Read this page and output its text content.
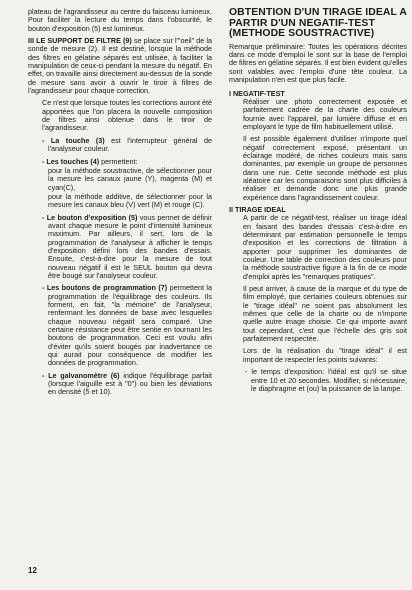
plateau de l'agrandisseur au centre du faisceau lumineux. Pour faciliter la lecture du temps dans l'obscurité, le bouton d'exposition (5) est lumineux.

III LE SUPPORT DE FILTRE (9) se place sur l'"oeil" de la sonde de mesure (2). Il est destiné, lorsque la méthode des filtres en gélatine séparés est utilisée, à faciliter la manipulation de ceux-ci pendant la mesure du négatif. En effet, on travaille ainsi directement au-dessus de la sonde de mesure sans avoir à ouvrir le tiroir à filtres de l'agrandisseur pour chaque correction.

Ce n'est que lorsque toutes les corrections auront été apportées que l'on placera la nouvelle composition de filtres ainsi obtenue dans le tiroir de l'agrandisseur.

- La touche (3) est l'interrupteur général de l'analyseur couleur.

- Les touches (4) permettent:

pour la méthode soustractive, de sélectionner pour la mesure les canaux jaune (Y), magenta (M) et cyan(C),

pour la méthode additive, de sélectionner pour la mesure les canaux bleu (V) vert (M) et rouge (C).

- Le bouton d'exposition (5) vous permet de définir avant chaque mesure le point d'intensité lumineux maximum. Par ailleurs, il sert, lors de la programmation de l'analyseur à afficher le temps d'exposition défini lors des bandes d'essais. Ensuite, c'est-à-dire pour la mesure de tout nouveau négatif il est le SEUL bouton qui devra être bougé sur l'analyseur couleur.

- Les boutons de programmation (7) permettent la programmation de l'équilibrage des couleurs. Ils forment, en fait, "la mémoire" de l'analyseur, renfermant les données de base avec lesquelles chaque nouveau négatif sera comparé. Une certaine résistance peut être sentie en tournant les boutons de programmation. Ceci est voulu afin d'éviter qu'ils soient bougés par inadvertance ce qui aurait pour conséquence de modifier les données de programmation.

- Le galvanomètre (6) indique l'équilibrage parfait (lorsque l'aiguille est à "0") ou bien les déviations en densité (5 et 10).

OBTENTION D'UN TIRAGE IDEAL A PARTIR D'UN NEGATIF-TEST (METHODE SOUSTRACTIVE)

Remarque préliminaire: Toutes les opérations décrites dans ce mode d'emploi le sont sur la base de l'emploi de filtres en gélatine séparés. Il est bien évident qu'elles sont valables avec l'emploi d'une tête couleur. La manipulation n'en est que plus facile.

I NEGATIF-TEST

Réaliser une photo correctement exposée et parfaitement cadrée de la charte des couleurs fournie avec l'appareil, par lumière diffuse et en employant le type de film habituellement utilisé.

Il est possible également d'utiliser n'importe quel négatif correctement exposé, présentant un éclairage modéré, de riches couleurs mais sans dominantes, par exemple un groupe de personnes dans une rue. Cette seconde méthode est plus aléatoire car les comparaisons sont plus difficiles à réaliser et demande donc une plus grande expérience dans l'agrandissement couleur.

II TIRAGE IDEAL

A partir de ce négatif-test, réaliser un tirage idéal en faisant des bandes d'essais c'est-à-dire en déterminant par estimation personnelle le temps d'exposition et les corrections de filtration à apporter pour supprimer les dominantes de couleur. Une table de correction des couleurs pour la méthode soustractive figure à la fin de ce mode d'emploi après les "remarques pratiques".

Il peut arriver, à cause de la marque et du type de film employé, que certaines couleurs obtenues sur le "tirage idéal" ne soient pas absolument les mêmes que celle de la charte ou de n'importe quelle autre image choisie. Ce qui importe avant tout cependant, c'est que l'échelle des gris soit parfaitement respectée.

Lors de la réalisation du "tirage idéal" il est important de respecter les points suivants:

- le temps d'exposition: l'idéal est qu'il se situe entre 10 et 20 secondes. Modifier, si nécessaire, le diaphragme et (ou) la puissance de la lampe.

12
